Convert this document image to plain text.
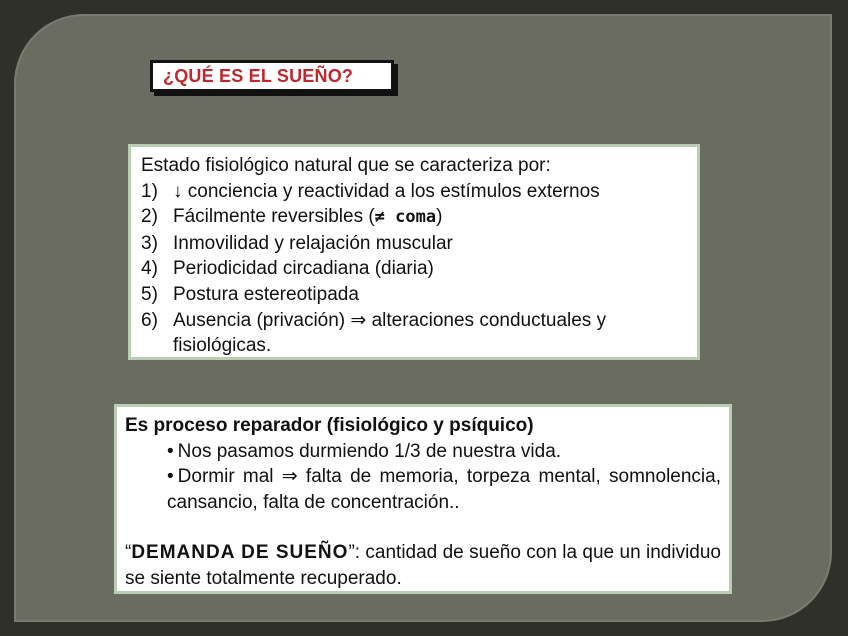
¿QUÉ ES EL SUEÑO?
Estado fisiológico natural que se caracteriza por:
1) ↓ conciencia y reactividad a los estímulos externos
2) Fácilmente reversibles (≠ coma)
3) Inmovilidad y relajación muscular
4) Periodicidad circadiana (diaria)
5) Postura estereotipada
6) Ausencia (privación) ⇒ alteraciones conductuales y fisiológicas.
Es proceso reparador (fisiológico y psíquico)
• Nos pasamos durmiendo 1/3 de nuestra vida.
• Dormir mal ⇒ falta de memoria, torpeza mental, somnolencia, cansancio, falta de concentración..
“DEMANDA DE SUEÑO”: cantidad de sueño con la que un individuo se siente totalmente recuperado.
